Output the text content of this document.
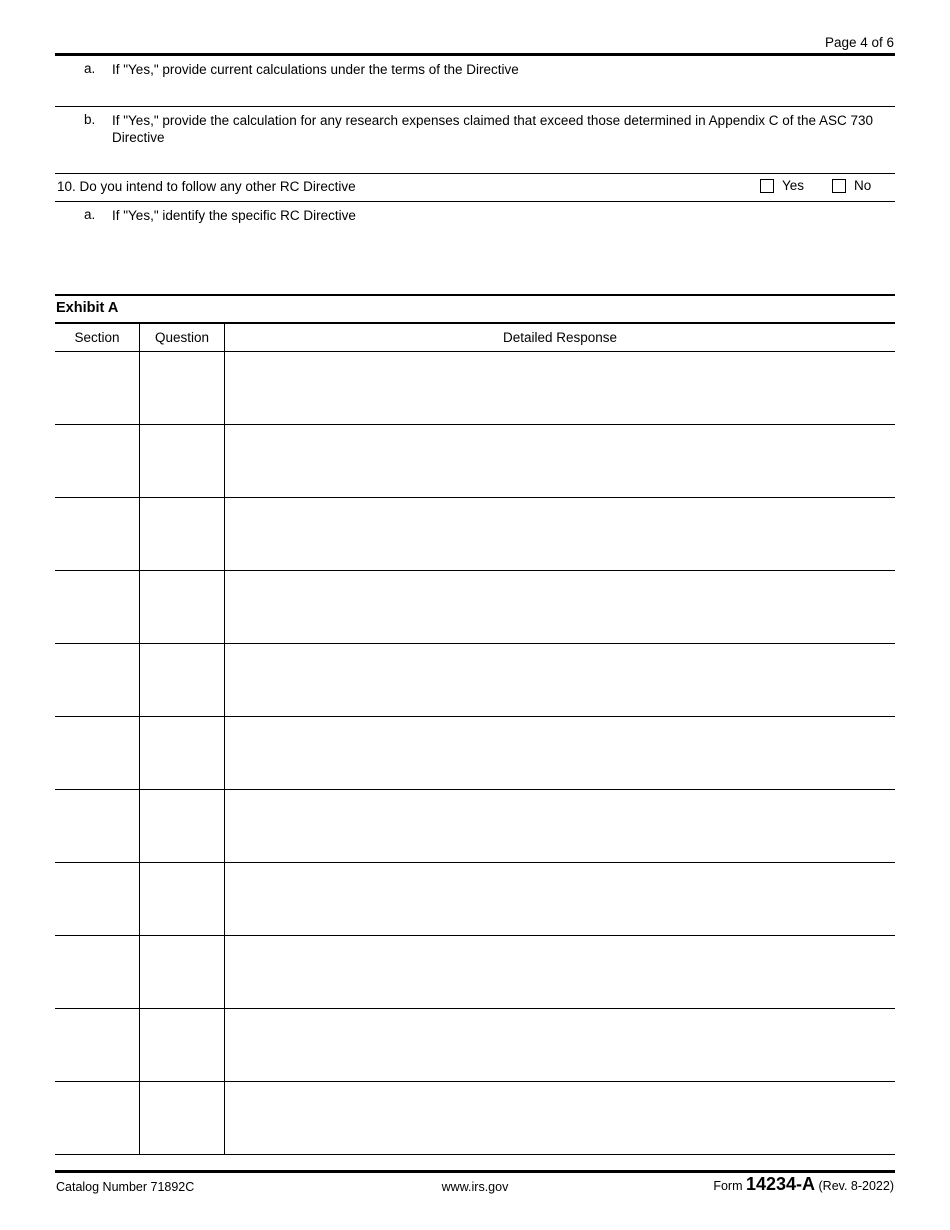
Page 4 of 6
a. If "Yes," provide current calculations under the terms of the Directive
b. If "Yes," provide the calculation for any research expenses claimed that exceed those determined in Appendix C of the ASC 730 Directive
10. Do you intend to follow any other RC Directive	Yes	No
a. If "Yes," identify the specific RC Directive
Exhibit A
Section	Question	Detailed Response

Catalog Number 71892C	www.irs.gov	Form 14234-A (Rev. 8-2022)
